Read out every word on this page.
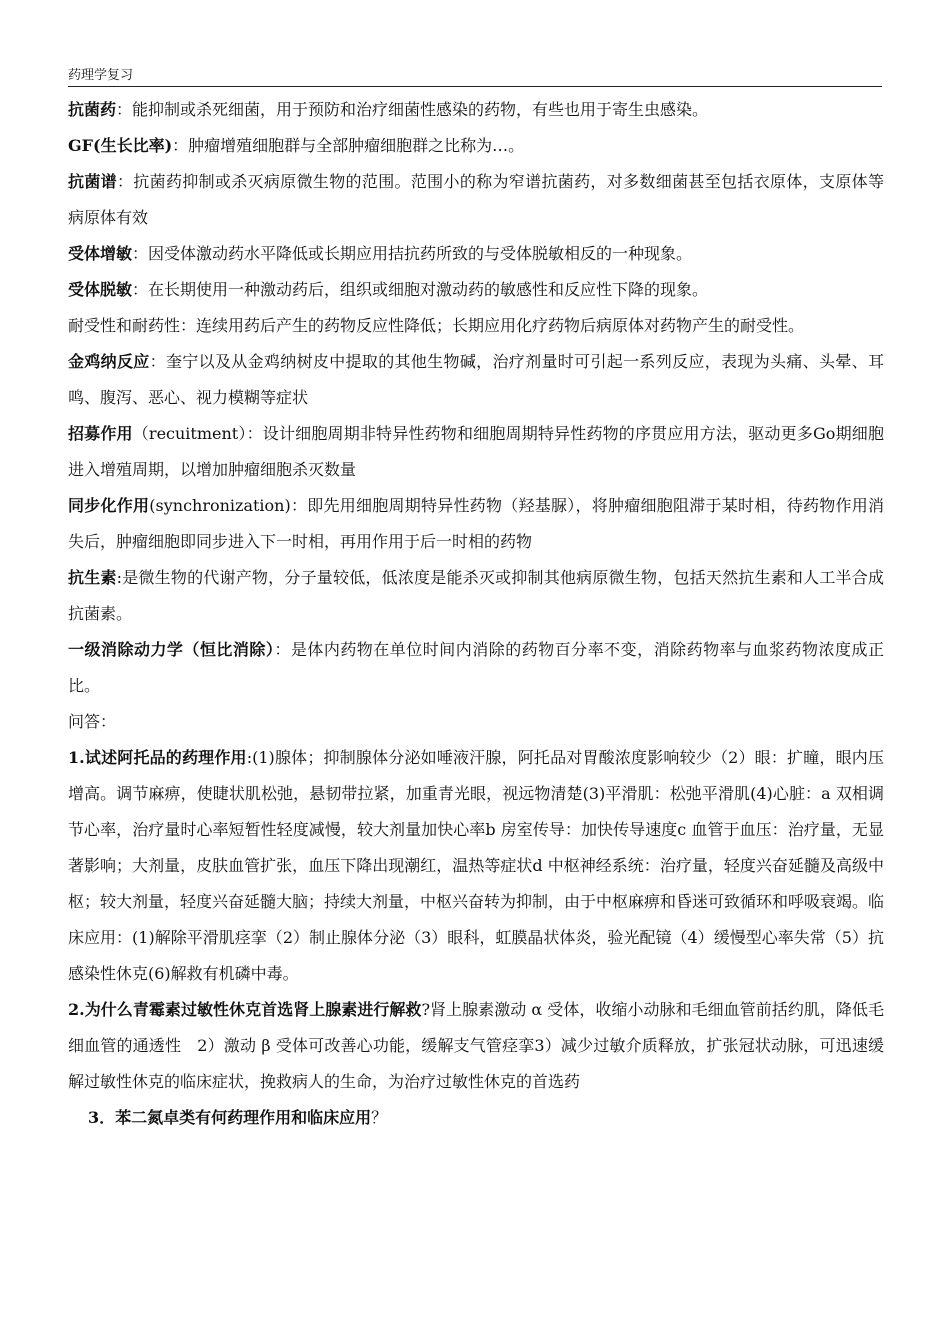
药理学复习

抗菌药：能抑制或杀死细菌，用于预防和治疗细菌性感染的药物，有些也用于寄生虫感染。

GF(生长比率)：肿瘤增殖细胞群与全部肿瘤细胞群之比称为…。

抗菌谱：抗菌药抑制或杀灭病原微生物的范围。范围小的称为窄谱抗菌药，对多数细菌甚至包括衣原体，支原体等病原体有效

受体增敏：因受体激动药水平降低或长期应用拮抗药所致的与受体脱敏相反的一种现象。

受体脱敏：在长期使用一种激动药后，组织或细胞对激动药的敏感性和反应性下降的现象。

耐受性和耐药性：连续用药后产生的药物反应性降低；长期应用化疗药物后病原体对药物产生的耐受性。

金鸡纳反应：奎宁以及从金鸡纳树皮中提取的其他生物碱，治疗剂量时可引起一系列反应，表现为头痛、头晕、耳鸣、腹泻、恶心、视力模糊等症状

招募作用（recuitment）：设计细胞周期非特异性药物和细胞周期特异性药物的序贯应用方法，驱动更多Go期细胞进入增殖周期，以增加肿瘤细胞杀灭数量

同步化作用(synchronization)：即先用细胞周期特异性药物（羟基脲），将肿瘤细胞阻滞于某时相，待药物作用消失后，肿瘤细胞即同步进入下一时相，再用作用于后一时相的药物

抗生素:是微生物的代谢产物，分子量较低，低浓度是能杀灭或抑制其他病原微生物，包括天然抗生素和人工半合成抗菌素。

一级消除动力学（恒比消除）：是体内药物在单位时间内消除的药物百分率不变，消除药物率与血浆药物浓度成正比。

问答：

1.试述阿托品的药理作用:(1)腺体；抑制腺体分泌如唾液汗腺，阿托品对胃酸浓度影响较少（2）眼：扩瞳，眼内压增高。调节麻痹，使睫状肌松弛，悬韧带拉紧，加重青光眼，视远物清楚(3)平滑肌：松弛平滑肌(4)心脏：a 双相调节心率，治疗量时心率短暂性轻度减慢，较大剂量加快心率b 房室传导：加快传导速度c 血管于血压：治疗量，无显著影响；大剂量，皮肤血管扩张，血压下降出现潮红，温热等症状d 中枢神经系统：治疗量，轻度兴奋延髓及高级中枢；较大剂量，轻度兴奋延髓大脑；持续大剂量，中枢兴奋转为抑制，由于中枢麻痹和昏迷可致循环和呼吸衰竭。临床应用：(1)解除平滑肌痉挛（2）制止腺体分泌（3）眼科，虹膜晶状体炎，验光配镜（4）缓慢型心率失常（5）抗感染性休克(6)解救有机磷中毒。

2.为什么青霉素过敏性休克首选肾上腺素进行解救?肾上腺素激动 α 受体，收缩小动脉和毛细血管前括约肌，降低毛细血管的通透性　2）激动 β 受体可改善心功能，缓解支气管痉挛3）减少过敏介质释放，扩张冠状动脉，可迅速缓解过敏性休克的临床症状，挽救病人的生命，为治疗过敏性休克的首选药

3．苯二氮卓类有何药理作用和临床应用？
